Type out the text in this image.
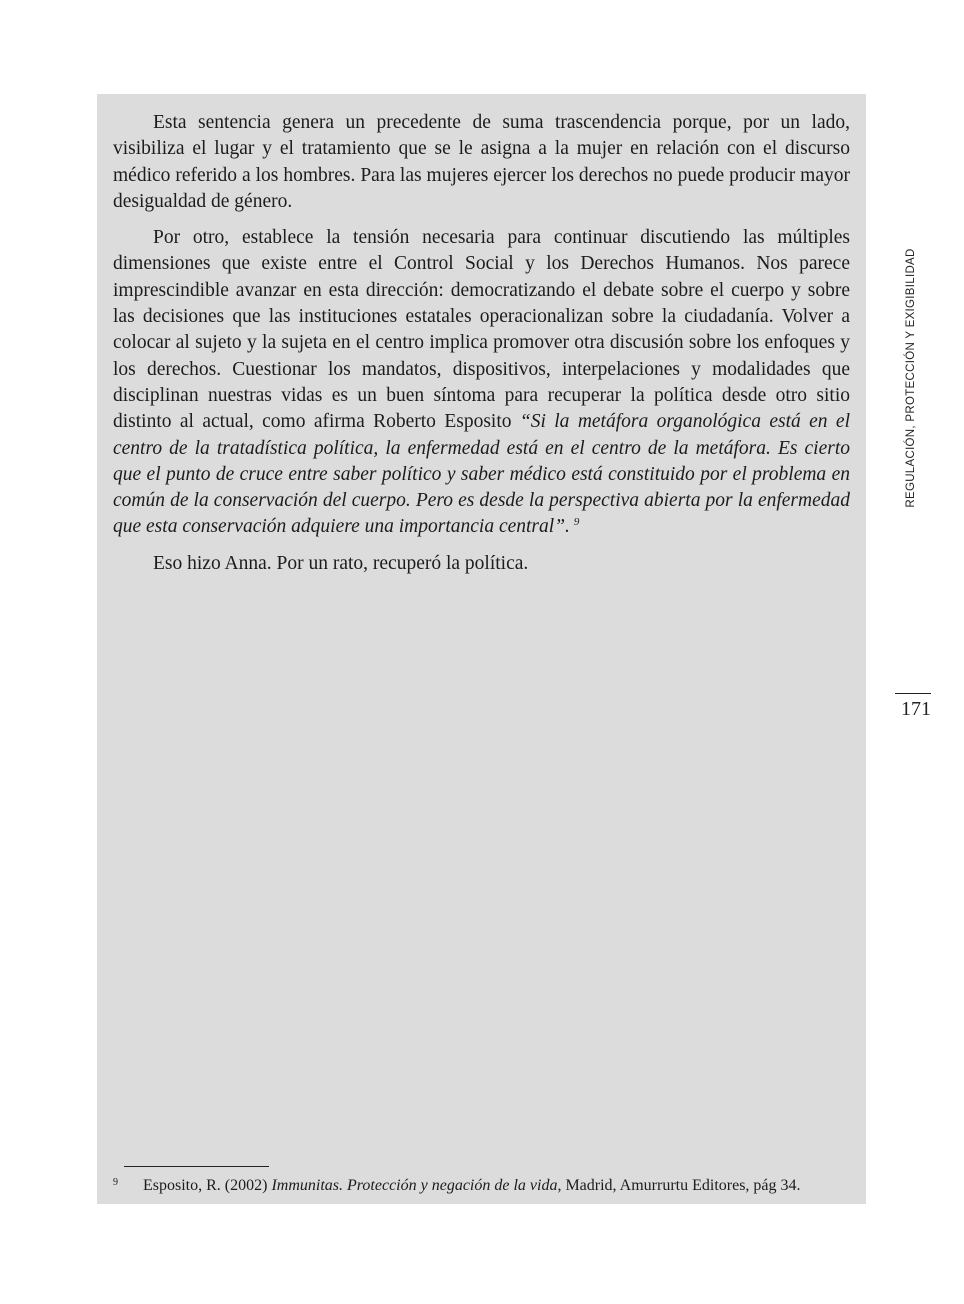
Esta sentencia genera un precedente de suma trascendencia porque, por un lado, visibiliza el lugar y el tratamiento que se le asigna a la mujer en relación con el discurso médico referido a los hombres. Para las mujeres ejercer los derechos no puede producir mayor desigualdad de género.

Por otro, establece la tensión necesaria para continuar discutiendo las múltiples dimensiones que existe entre el Control Social y los Derechos Humanos. Nos parece imprescindible avanzar en esta dirección: democratizando el debate sobre el cuerpo y sobre las decisiones que las instituciones estatales operacionalizan sobre la ciudadanía. Volver a colocar al sujeto y la sujeta en el centro implica promover otra discusión sobre los enfoques y los derechos. Cuestionar los mandatos, dispositivos, interpelaciones y modalidades que disciplinan nuestras vidas es un buen síntoma para recuperar la política desde otro sitio distinto al actual, como afirma Roberto Esposito “Si la metáfora organológica está en el centro de la tratadística política, la enfermedad está en el centro de la metáfora. Es cierto que el punto de cruce entre saber político y saber médico está constituido por el problema en común de la conservación del cuerpo. Pero es desde la perspectiva abierta por la enfermedad que esta conservación adquiere una importancia central”. $^9$

Eso hizo Anna. Por un rato, recuperó la política.

REGULACIÓN, PROTECCIÓN Y EXIGIBILIDAD
171
9 Esposito, R. (2002) Immunitas. Protección y negación de la vida, Madrid, Amurrurtu Editores, pág 34.
